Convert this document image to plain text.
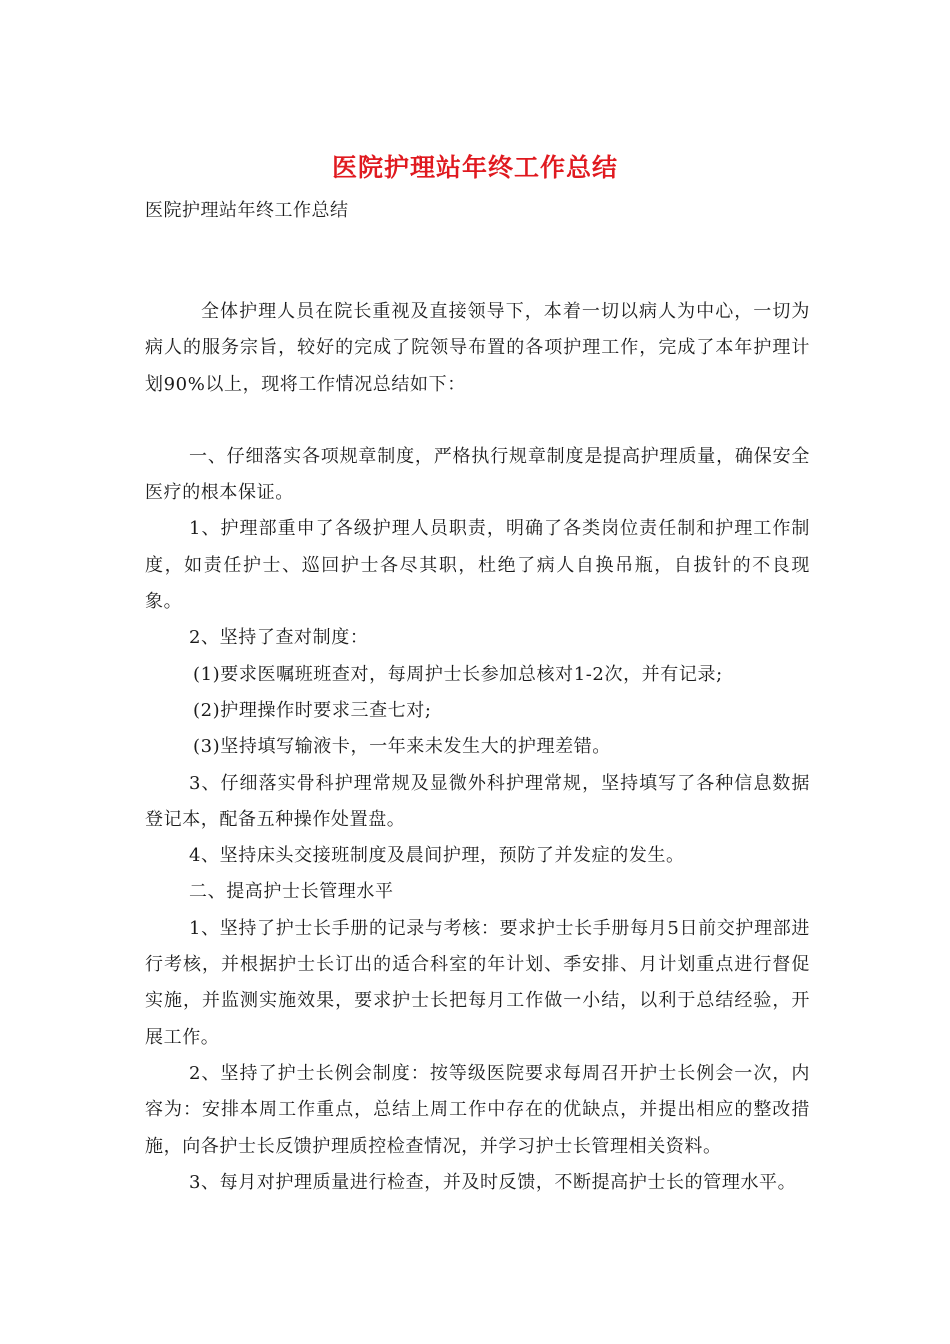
医院护理站年终工作总结
医院护理站年终工作总结

全体护理人员在院长重视及直接领导下，本着一切以病人为中心，一切为病人的服务宗旨，较好的完成了院领导布置的各项护理工作，完成了本年护理计划90%以上，现将工作情况总结如下：

一、仔细落实各项规章制度，严格执行规章制度是提高护理质量，确保安全医疗的根本保证。

1、护理部重申了各级护理人员职责，明确了各类岗位责任制和护理工作制度，如责任护士、巡回护士各尽其职，杜绝了病人自换吊瓶，自拔针的不良现象。

2、坚持了查对制度：

(1)要求医嘱班班查对，每周护士长参加总核对1-2次，并有记录;

(2)护理操作时要求三查七对;

(3)坚持填写输液卡，一年来未发生大的护理差错。

3、仔细落实骨科护理常规及显微外科护理常规，坚持填写了各种信息数据登记本，配备五种操作处置盘。

4、坚持床头交接班制度及晨间护理，预防了并发症的发生。

二、提高护士长管理水平

1、坚持了护士长手册的记录与考核：要求护士长手册每月5日前交护理部进行考核，并根据护士长订出的适合科室的年计划、季安排、月计划重点进行督促实施，并监测实施效果，要求护士长把每月工作做一小结，以利于总结经验，开展工作。

2、坚持了护士长例会制度：按等级医院要求每周召开护士长例会一次，内容为：安排本周工作重点，总结上周工作中存在的优缺点，并提出相应的整改措施，向各护士长反馈护理质控检查情况，并学习护士长管理相关资料。

3、每月对护理质量进行检查，并及时反馈，不断提高护士长的管理水平。
